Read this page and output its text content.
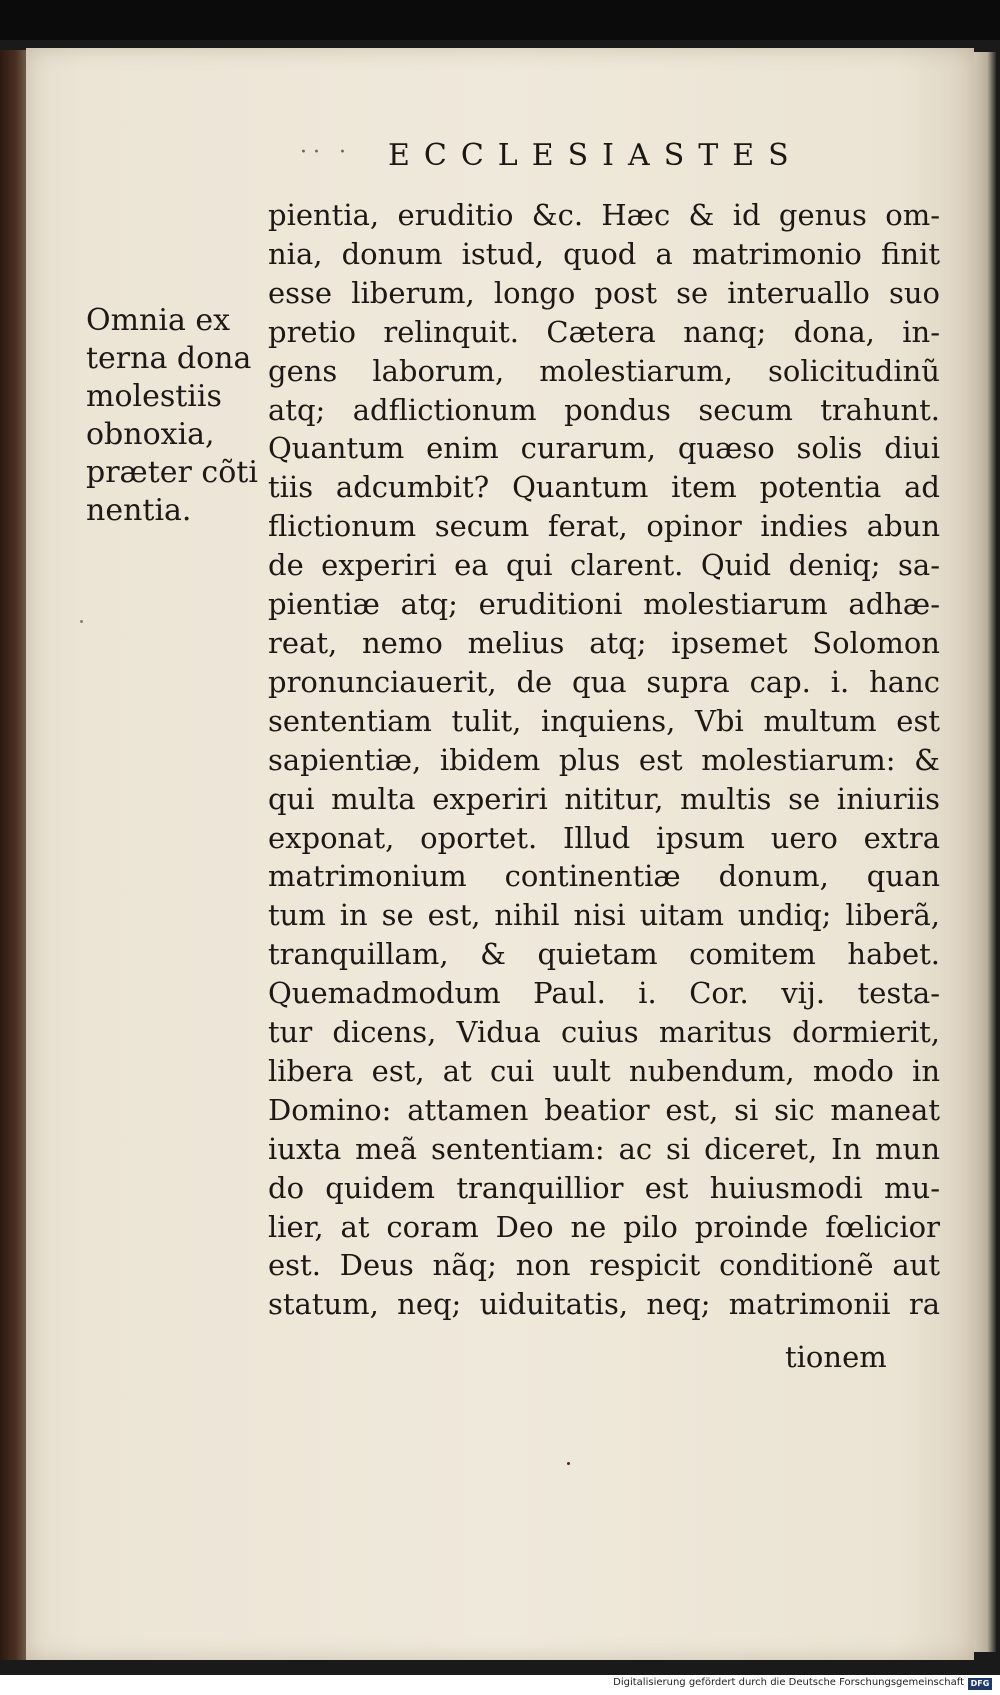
·· · ECCLESIASTES
Omnia ex
terna dona
molestiis
obnoxia,
præter cõti
nentia.
pientia, eruditio &c. Hæc & id genus om-
nia, donum istud, quod a matrimonio finit
esse liberum, longo post se interuallo suo
pretio relinquit. Cætera nanq; dona, in-
gens laborum, molestiarum, solicitudinũ
atq; adflictionum pondus secum trahunt.
Quantum enim curarum, quæso solis diui
tiis adcumbit? Quantum item potentia ad
flictionum secum ferat, opinor indies abun
de experiri ea qui clarent. Quid deniq; sa-
pientiæ atq; eruditioni molestiarum adhæ-
reat, nemo melius atq; ipsemet Solomon
pronunciauerit, de qua supra cap. i. hanc
sententiam tulit, inquiens, Vbi multum est
sapientiæ, ibidem plus est molestiarum: &
qui multa experiri nititur, multis se iniuriis
exponat, oportet. Illud ipsum uero extra
matrimonium continentiæ donum, quan
tum in se est, nihil nisi uitam undiq; liberã,
tranquillam, & quietam comitem habet.
Quemadmodum Paul. i. Cor. vij. testa-
tur dicens, Vidua cuius maritus dormierit,
libera est, at cui uult nubendum, modo in
Domino: attamen beatior est, si sic maneat
iuxta meã sententiam: ac si diceret, In mun
do quidem tranquillior est huiusmodi mu-
lier, at coram Deo ne pilo proinde fœlicior
est. Deus nãq; non respicit conditionẽ aut
statum, neq; uiduitatis, neq; matrimonii ra
tionem
Digitalisierung gefördert durch die Deutsche Forschungsgemeinschaft DFG
